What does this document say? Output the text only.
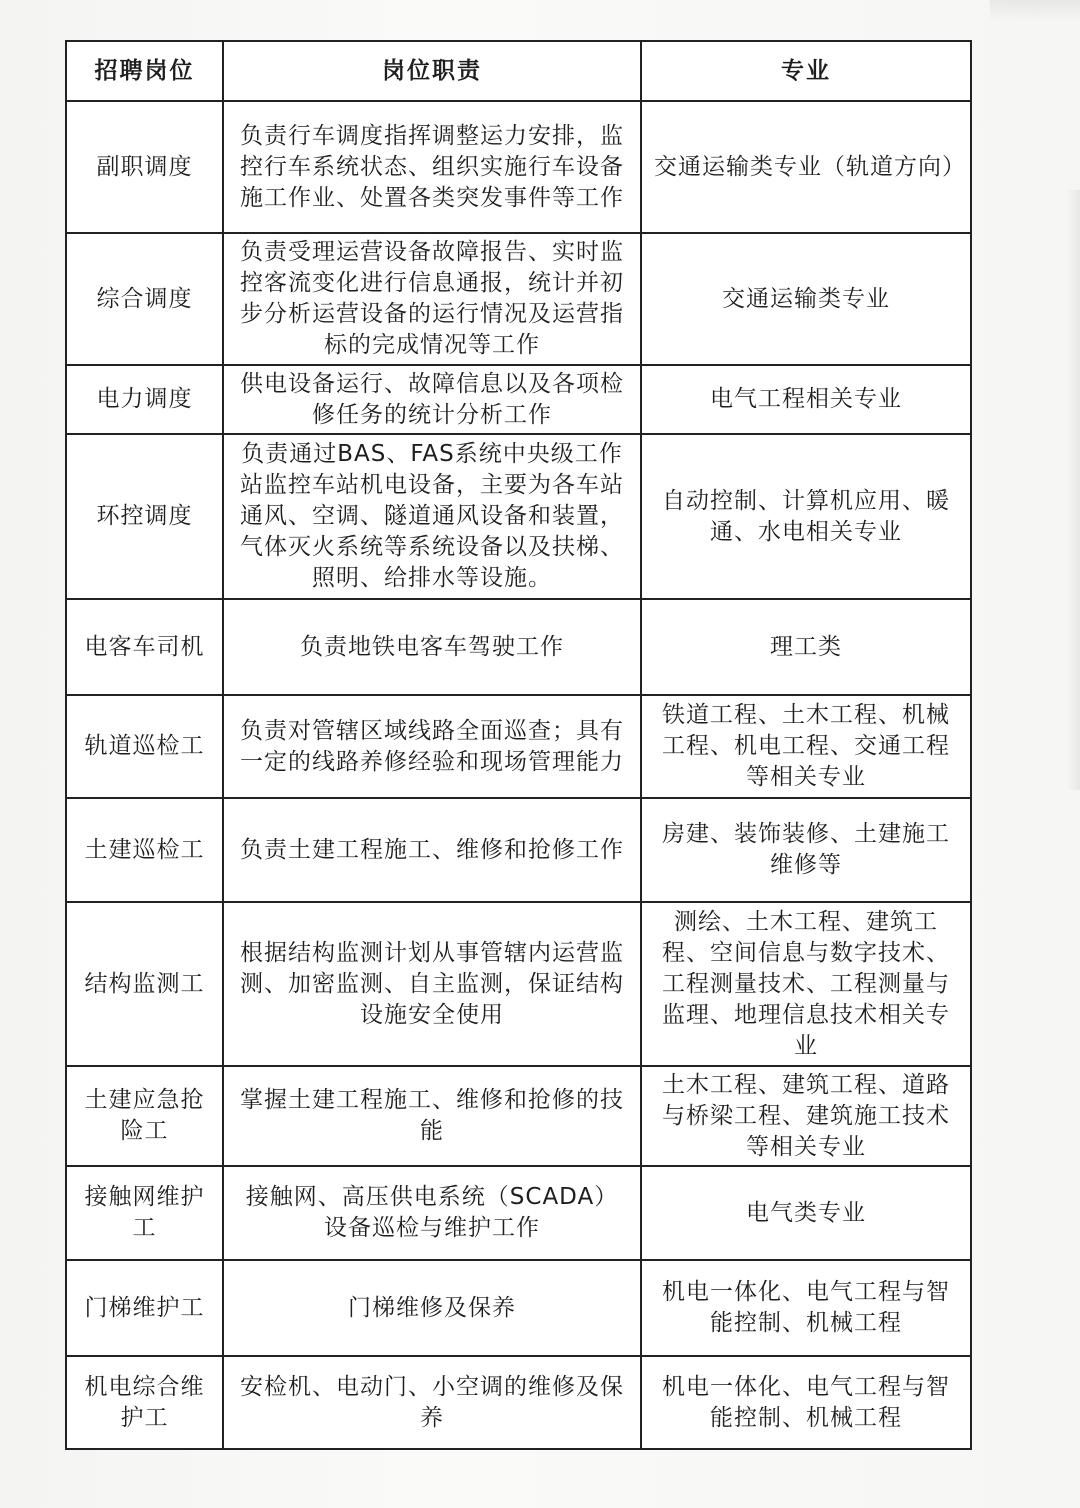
招聘岗位	岗位职责	专业
副职调度	负责行车调度指挥调整运力安排，监控行车系统状态、组织实施行车设备施工作业、处置各类突发事件等工作	交通运输类专业（轨道方向）
综合调度	负责受理运营设备故障报告、实时监控客流变化进行信息通报，统计并初步分析运营设备的运行情况及运营指标的完成情况等工作	交通运输类专业
电力调度	供电设备运行、故障信息以及各项检修任务的统计分析工作	电气工程相关专业
环控调度	负责通过BAS、FAS系统中央级工作站监控车站机电设备，主要为各车站通风、空调、隧道通风设备和装置，气体灭火系统等系统设备以及扶梯、照明、给排水等设施。	自动控制、计算机应用、暖通、水电相关专业
电客车司机	负责地铁电客车驾驶工作	理工类
轨道巡检工	负责对管辖区域线路全面巡查；具有一定的线路养修经验和现场管理能力	铁道工程、土木工程、机械工程、机电工程、交通工程等相关专业
土建巡检工	负责土建工程施工、维修和抢修工作	房建、装饰装修、土建施工维修等
结构监测工	根据结构监测计划从事管辖内运营监测、加密监测、自主监测，保证结构设施安全使用	测绘、土木工程、建筑工程、空间信息与数字技术、工程测量技术、工程测量与监理、地理信息技术相关专业
土建应急抢险工	掌握土建工程施工、维修和抢修的技能	土木工程、建筑工程、道路与桥梁工程、建筑施工技术等相关专业
接触网维护工	接触网、高压供电系统（SCADA）设备巡检与维护工作	电气类专业
门梯维护工	门梯维修及保养	机电一体化、电气工程与智能控制、机械工程
机电综合维护工	安检机、电动门、小空调的维修及保养	机电一体化、电气工程与智能控制、机械工程
